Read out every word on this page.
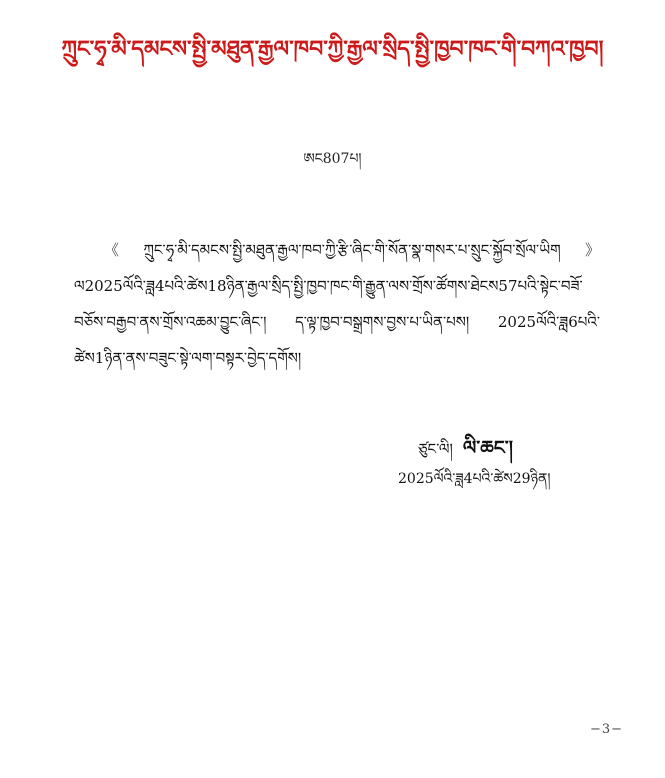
ཀྲུང་ཧྭ་མི་དམངས་སྤྱི་མཐུན་རྒྱལ་ཁབ་ཀྱི་རྒྱལ་སྲིད་སྤྱི་ཁྱབ་ཁང་གི་བཀའ་ཁྱབ།
ཨང807པ།

《ཀྲུང་ཧྭ་མི་དམངས་སྤྱི་མཐུན་རྒྱལ་ཁབ་ཀྱི་རྩི་ཞིང་གི་སོན་སྣ་གསར་པ་སྲུང་སྐྱོབ་སྲོལ་ཡིག》ལ2025ལོའི་ཟླ4པའི་ཚེས18ཉིན་རྒྱལ་སྲིད་སྤྱི་ཁྱབ་ཁང་གི་རྒྱུན་ལས་གྲོས་ཚོགས་ཐེངས57པའི་སྟེང་བཟོ་བཅོས་བརྒྱབ་ནས་གྲོས་འཆམ་བྱུང་ཞིང་། ད་ལྟ་ཁྱབ་བསྒྲགས་བྱས་པ་ཡིན་པས། 2025ལོའི་ཟླ6པའི་ཚེས1ཉིན་ནས་བཟུང་སྟེ་ལག་བསྟར་བྱེད་དགོས།

ཙུང་ལི། ལི་ཆང་།
2025ལོའི་ཟླ4པའི་ཚེས29ཉིན།
−3−
